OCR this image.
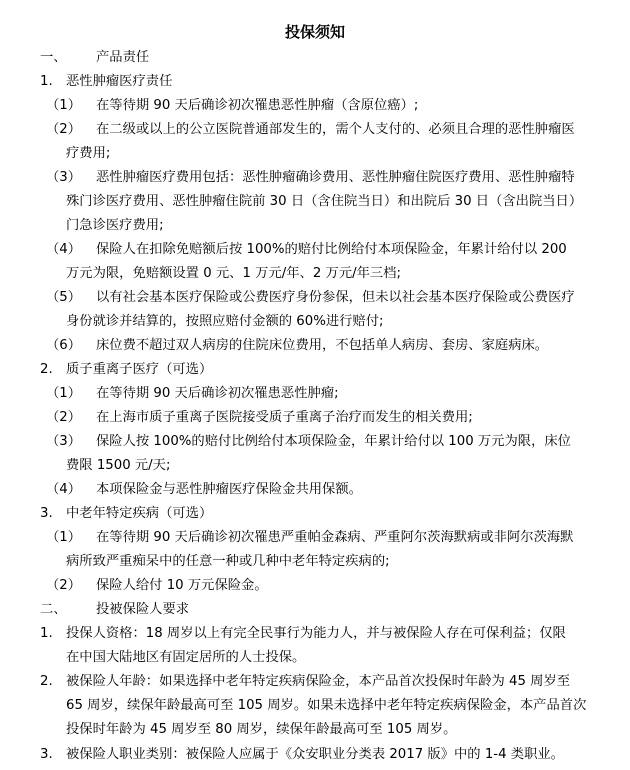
投保须知
一、 产品责任
1. 恶性肿瘤医疗责任
（1） 在等待期 90 天后确诊初次罹患恶性肿瘤（含原位癌）;
（2） 在二级或以上的公立医院普通部发生的，需个人支付的、必须且合理的恶性肿瘤医
疗费用;
（3） 恶性肿瘤医疗费用包括：恶性肿瘤确诊费用、恶性肿瘤住院医疗费用、恶性肿瘤特
殊门诊医疗费用、恶性肿瘤住院前 30 日（含住院当日）和出院后 30 日（含出院当日）
门急诊医疗费用;
（4） 保险人在扣除免赔额后按 100%的赔付比例给付本项保险金，年累计给付以 200
万元为限，免赔额设置 0 元、1 万元/年、2 万元/年三档;
（5） 以有社会基本医疗保险或公费医疗身份参保，但未以社会基本医疗保险或公费医疗
身份就诊并结算的，按照应赔付金额的 60%进行赔付;
（6） 床位费不超过双人病房的住院床位费用，不包括单人病房、套房、家庭病床。
2. 质子重离子医疗（可选）
（1） 在等待期 90 天后确诊初次罹患恶性肿瘤;
（2） 在上海市质子重离子医院接受质子重离子治疗而发生的相关费用;
（3） 保险人按 100%的赔付比例给付本项保险金，年累计给付以 100 万元为限，床位
费限 1500 元/天;
（4） 本项保险金与恶性肿瘤医疗保险金共用保额。
3. 中老年特定疾病（可选）
（1） 在等待期 90 天后确诊初次罹患严重帕金森病、严重阿尔茨海默病或非阿尔茨海默
病所致严重痴呆中的任意一种或几种中老年特定疾病的;
（2） 保险人给付 10 万元保险金。
二、 投被保险人要求
1. 投保人资格：18 周岁以上有完全民事行为能力人，并与被保险人存在可保利益；仅限
在中国大陆地区有固定居所的人士投保。
2. 被保险人年龄：如果选择中老年特定疾病保险金，本产品首次投保时年龄为 45 周岁至
65 周岁，续保年龄最高可至 105 周岁。如果未选择中老年特定疾病保险金，本产品首次
投保时年龄为 45 周岁至 80 周岁，续保年龄最高可至 105 周岁。
3. 被保险人职业类别：被保险人应属于《众安职业分类表 2017 版》中的 1-4 类职业。
